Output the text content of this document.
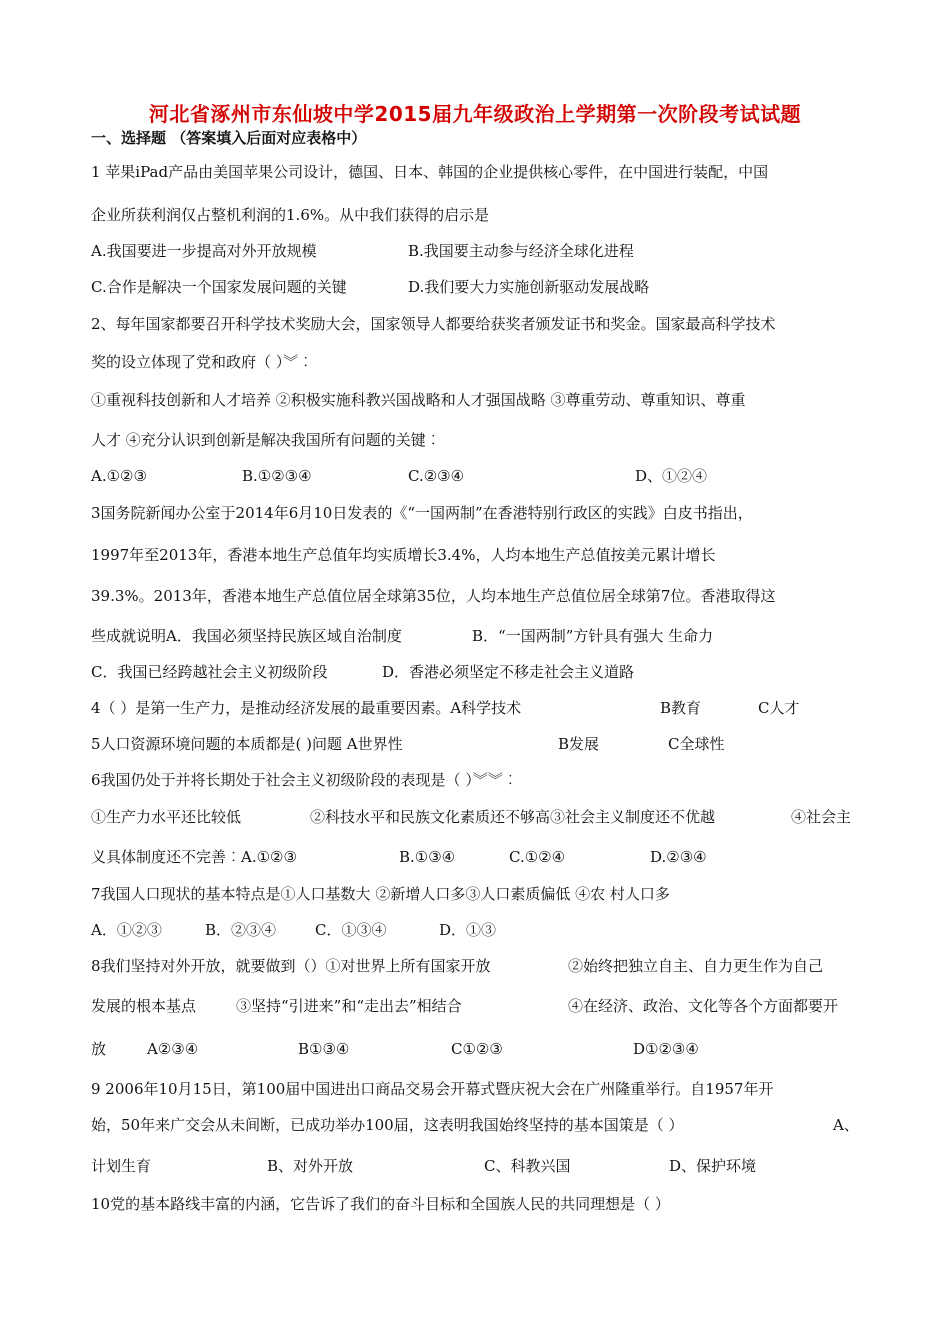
河北省涿州市东仙坡中学2015届九年级政治上学期第一次阶段考试试题
一、选择题 （答案填入后面对应表格中）
1 苹果iPad产品由美国苹果公司设计，德国、日本、韩国的企业提供核心零件，在中国进行装配，中国
企业所获利润仅占整机利润的1.6%。从中我们获得的启示是
A.我国要进一步提高对外开放规模	B.我国要主动参与经济全球化进程
C.合作是解决一个国家发展问题的关键	D.我们要大力实施创新驱动发展战略
2、每年国家都要召开科学技术奖励大会，国家领导人都要给获奖者颁发证书和奖金。国家最高科学技术
奖的设立体现了党和政府（ ）︾︰
①重视科技创新和人才培养 ②积极实施科教兴国战略和人才强国战略 ③尊重劳动、尊重知识、尊重
人才 ④充分认识到创新是解决我国所有问题的关键︰
A.①②③	B.①②③④	C.②③④	D、①②④
3国务院新闻办公室于2014年6月10日发表的《“一国两制”在香港特别行政区的实践》白皮书指出，
1997年至2013年，香港本地生产总值年均实质增长3.4%，人均本地生产总值按美元累计增长
39.3%。2013年，香港本地生产总值位居全球第35位，人均本地生产总值位居全球第7位。香港取得这
些成就说明A．我国必须坚持民族区域自治制度	B．“一国两制”方针具有强大 生命力
C．我国已经跨越社会主义初级阶段	D．香港必须坚定不移走社会主义道路
4（ ）是第一生产力，是推动经济发展的最重要因素。A科学技术	B教育	C人才
5人口资源环境问题的本质都是( )问题 A世界性	B发展	C全球性
6我国仍处于并将长期处于社会主义初级阶段的表现是（ ）︾︾︰
①生产力水平还比较低	②科技水平和民族文化素质还不够高③社会主义制度还不优越	④社会主
义具体制度还不完善︰A.①②③	B.①③④	C.①②④	D.②③④
7我国人口现状的基本特点是①人口基数大 ②新增人口多③人口素质偏低 ④农 村人口多
A．①②③	B．②③④	C．①③④	D．①③
8我们坚持对外开放，就要做到（）①对世界上所有国家开放	②始终把独立自主、自力更生作为自己
发展的根本基点	③坚持“引进来”和“走出去”相结合	④在经济、政治、文化等各个方面都要开
放	A②③④	B①③④	C①②③	D①②③④
9 2006年10月15日，第100届中国进出口商品交易会开幕式暨庆祝大会在广州隆重举行。自1957年开
始，50年来广交会从未间断，已成功举办100届，这表明我国始终坚持的基本国策是（ ）	A、
计划生育	B、对外开放	C、科教兴国	D、保护环境
10党的基本路线丰富的内涵，它告诉了我们的奋斗目标和全国族人民的共同理想是（ ）
